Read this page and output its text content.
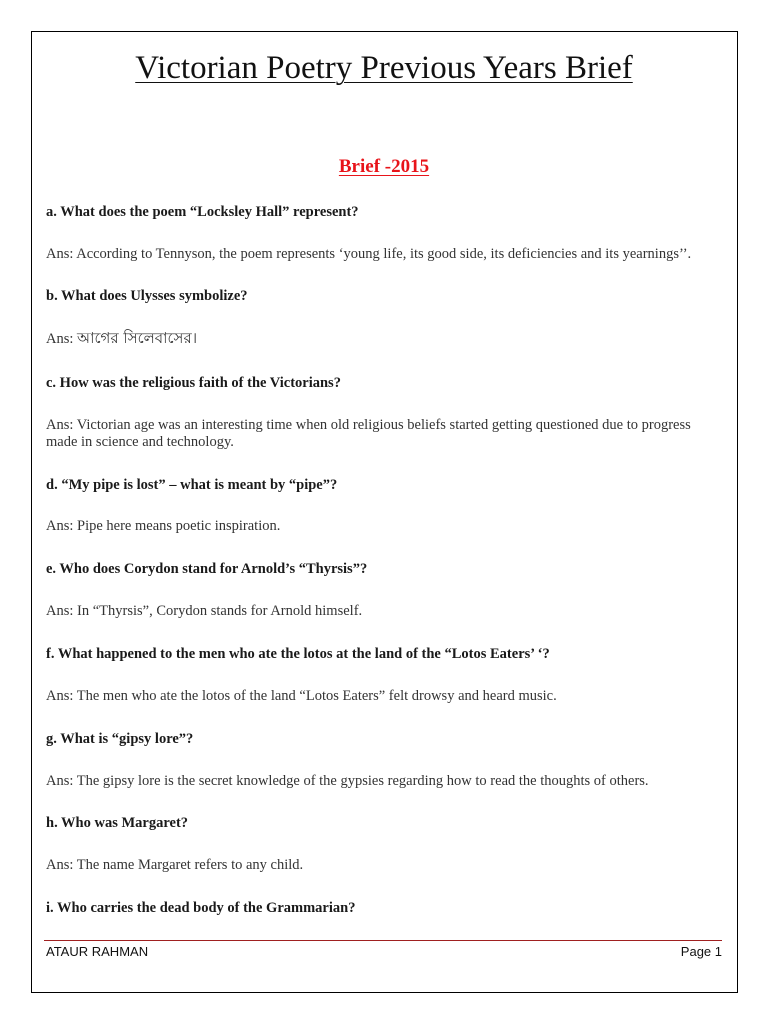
Victorian Poetry Previous Years Brief
Brief -2015
a. What does the poem “Locksley Hall” represent?
Ans: According to Tennyson, the poem represents ‘young life, its good side, its deficiencies and its yearnings’’.
b. What does Ulysses symbolize?
Ans: আগের সিলেবাসের।
c. How was the religious faith of the Victorians?
Ans: Victorian age was an interesting time when old religious beliefs started getting questioned due to progress made in science and technology.
d. “My pipe is lost” – what is meant by “pipe”?
Ans: Pipe here means poetic inspiration.
e. Who does Corydon stand for Arnold’s “Thyrsis”?
Ans: In “Thyrsis”, Corydon stands for Arnold himself.
f. What happened to the men who ate the lotos at the land of the “Lotos Eaters’ ‘?
Ans: The men who ate the lotos of the land “Lotos Eaters” felt drowsy and heard music.
g. What is “gipsy lore”?
Ans: The gipsy lore is the secret knowledge of the gypsies regarding how to read the thoughts of others.
h. Who was Margaret?
Ans: The name Margaret refers to any child.
i. Who carries the dead body of the Grammarian?
ATAUR RAHMAN	Page 1
